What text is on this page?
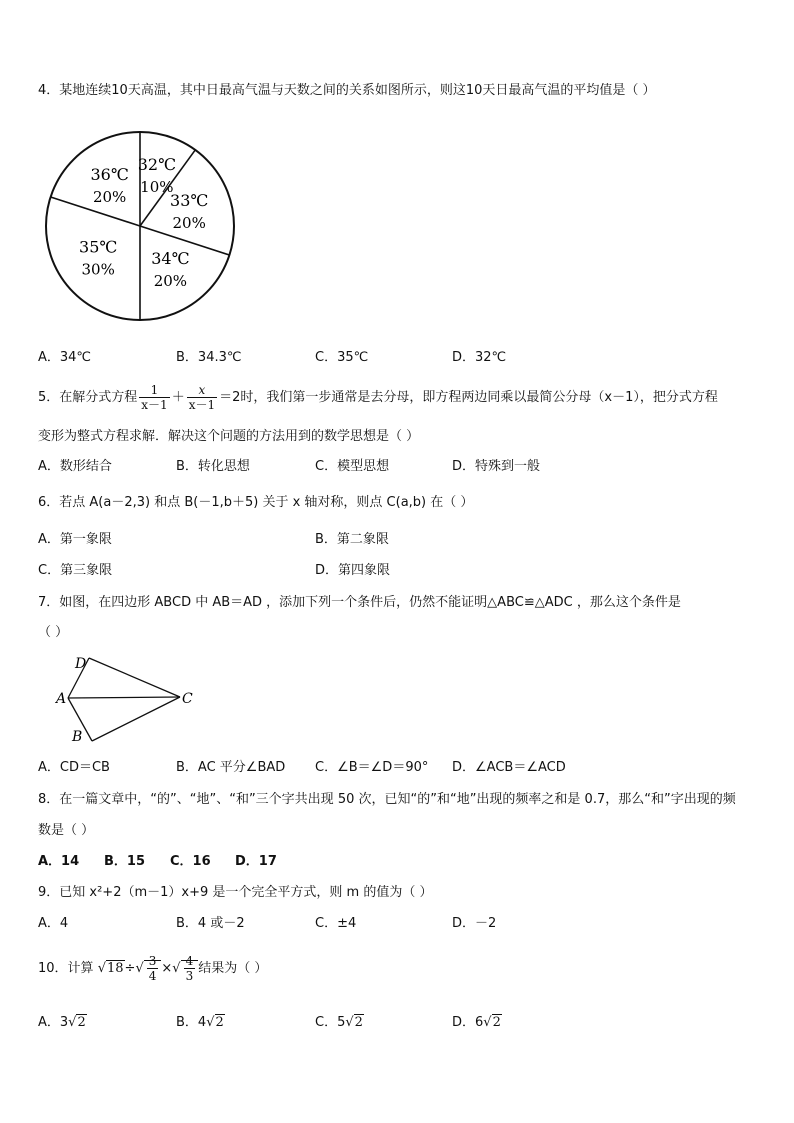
4．某地连续10天高温，其中日最高气温与天数之间的关系如图所示，则这10天日最高气温的平均值是（ ）
32℃
10%
33℃
20%
34℃
20%
35℃
30%
36℃
20%
A．34℃	B．34.3℃	C．35℃	D．32℃
5．在解分式方程 $\frac{1}{x-1} + \frac{x}{x-1} =2$时，我们第一步通常是去分母，即方程两边同乘以最简公分母（x－1），把分式方程
变形为整式方程求解．解决这个问题的方法用到的数学思想是（ ）
A．数形结合	B．转化思想	C．模型思想	D．特殊到一般
6．若点 A(a－2,3) 和点 B(－1,b＋5) 关于 x 轴对称，则点 C(a,b) 在（ ）
A．第一象限	B．第二象限
C．第三象限	D．第四象限
7．如图，在四边形 ABCD 中 AB＝AD ，添加下列一个条件后，仍然不能证明△ABC≌△ADC ，那么这个条件是
（ ）
D
A	C
B
A．CD＝CB	B．AC 平分∠BAD C．∠B＝∠D＝90° D．∠ACB＝∠ACD
8．在一篇文章中，“的”、“地”、“和”三个字共出现 50 次，已知“的”和“地”出现的频率之和是 0.7，那么“和”字出现的频
数是（ ）
A．14 B．15 C．16 D．17
9．已知 x²+2（m－1）x+9 是一个完全平方式，则 m 的值为（ ）
A．4	B．4 或－2	C．±4	D．－2
10．计算 $√18\div√ \frac{3}{4}$ ×√ $\frac{4}{3}$ 结果为（ ）
A．3√2	B．4√2	C．5√2	D．6√2
